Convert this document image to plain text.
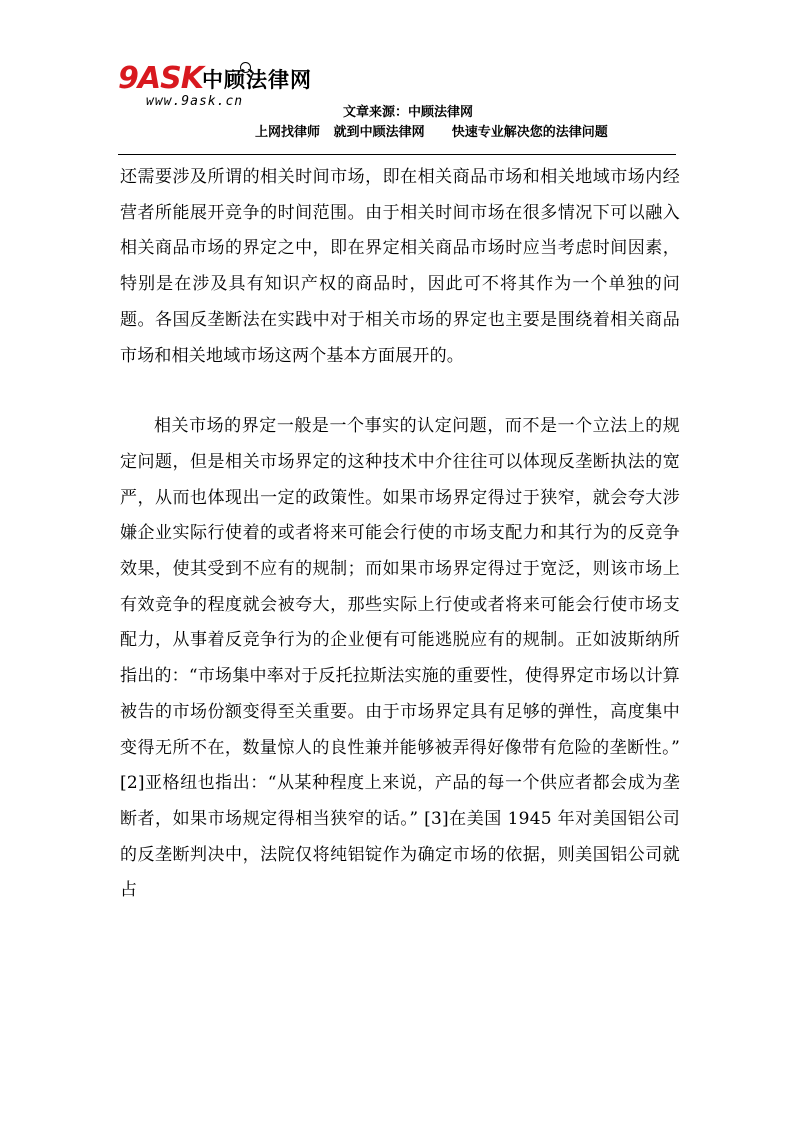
9ASK 中顾法律网
www.9ask.cn
文章来源：中顾法律网
上网找律师   就到中顾法律网      快速专业解决您的法律问题

还需要涉及所谓的相关时间市场，即在相关商品市场和相关地域市场内经营者所能展开竞争的时间范围。由于相关时间市场在很多情况下可以融入相关商品市场的界定之中，即在界定相关商品市场时应当考虑时间因素，特别是在涉及具有知识产权的商品时，因此可不将其作为一个单独的问题。各国反垄断法在实践中对于相关市场的界定也主要是围绕着相关商品市场和相关地域市场这两个基本方面展开的。

相关市场的界定一般是一个事实的认定问题，而不是一个立法上的规定问题，但是相关市场界定的这种技术中介往往可以体现反垄断执法的宽严，从而也体现出一定的政策性。如果市场界定得过于狭窄，就会夸大涉嫌企业实际行使着的或者将来可能会行使的市场支配力和其行为的反竞争效果，使其受到不应有的规制；而如果市场界定得过于宽泛，则该市场上有效竞争的程度就会被夸大，那些实际上行使或者将来可能会行使市场支配力，从事着反竞争行为的企业便有可能逃脱应有的规制。正如波斯纳所指出的：“市场集中率对于反托拉斯法实施的重要性，使得界定市场以计算被告的市场份额变得至关重要。由于市场界定具有足够的弹性，高度集中变得无所不在，数量惊人的良性兼并能够被弄得好像带有危险的垄断性。” [2]亚格纽也指出：“从某种程度上来说，产品的每一个供应者都会成为垄断者，如果市场规定得相当狭窄的话。” [3]在美国 1945 年对美国铝公司的反垄断判决中，法院仅将纯铝锭作为确定市场的依据，则美国铝公司就占
